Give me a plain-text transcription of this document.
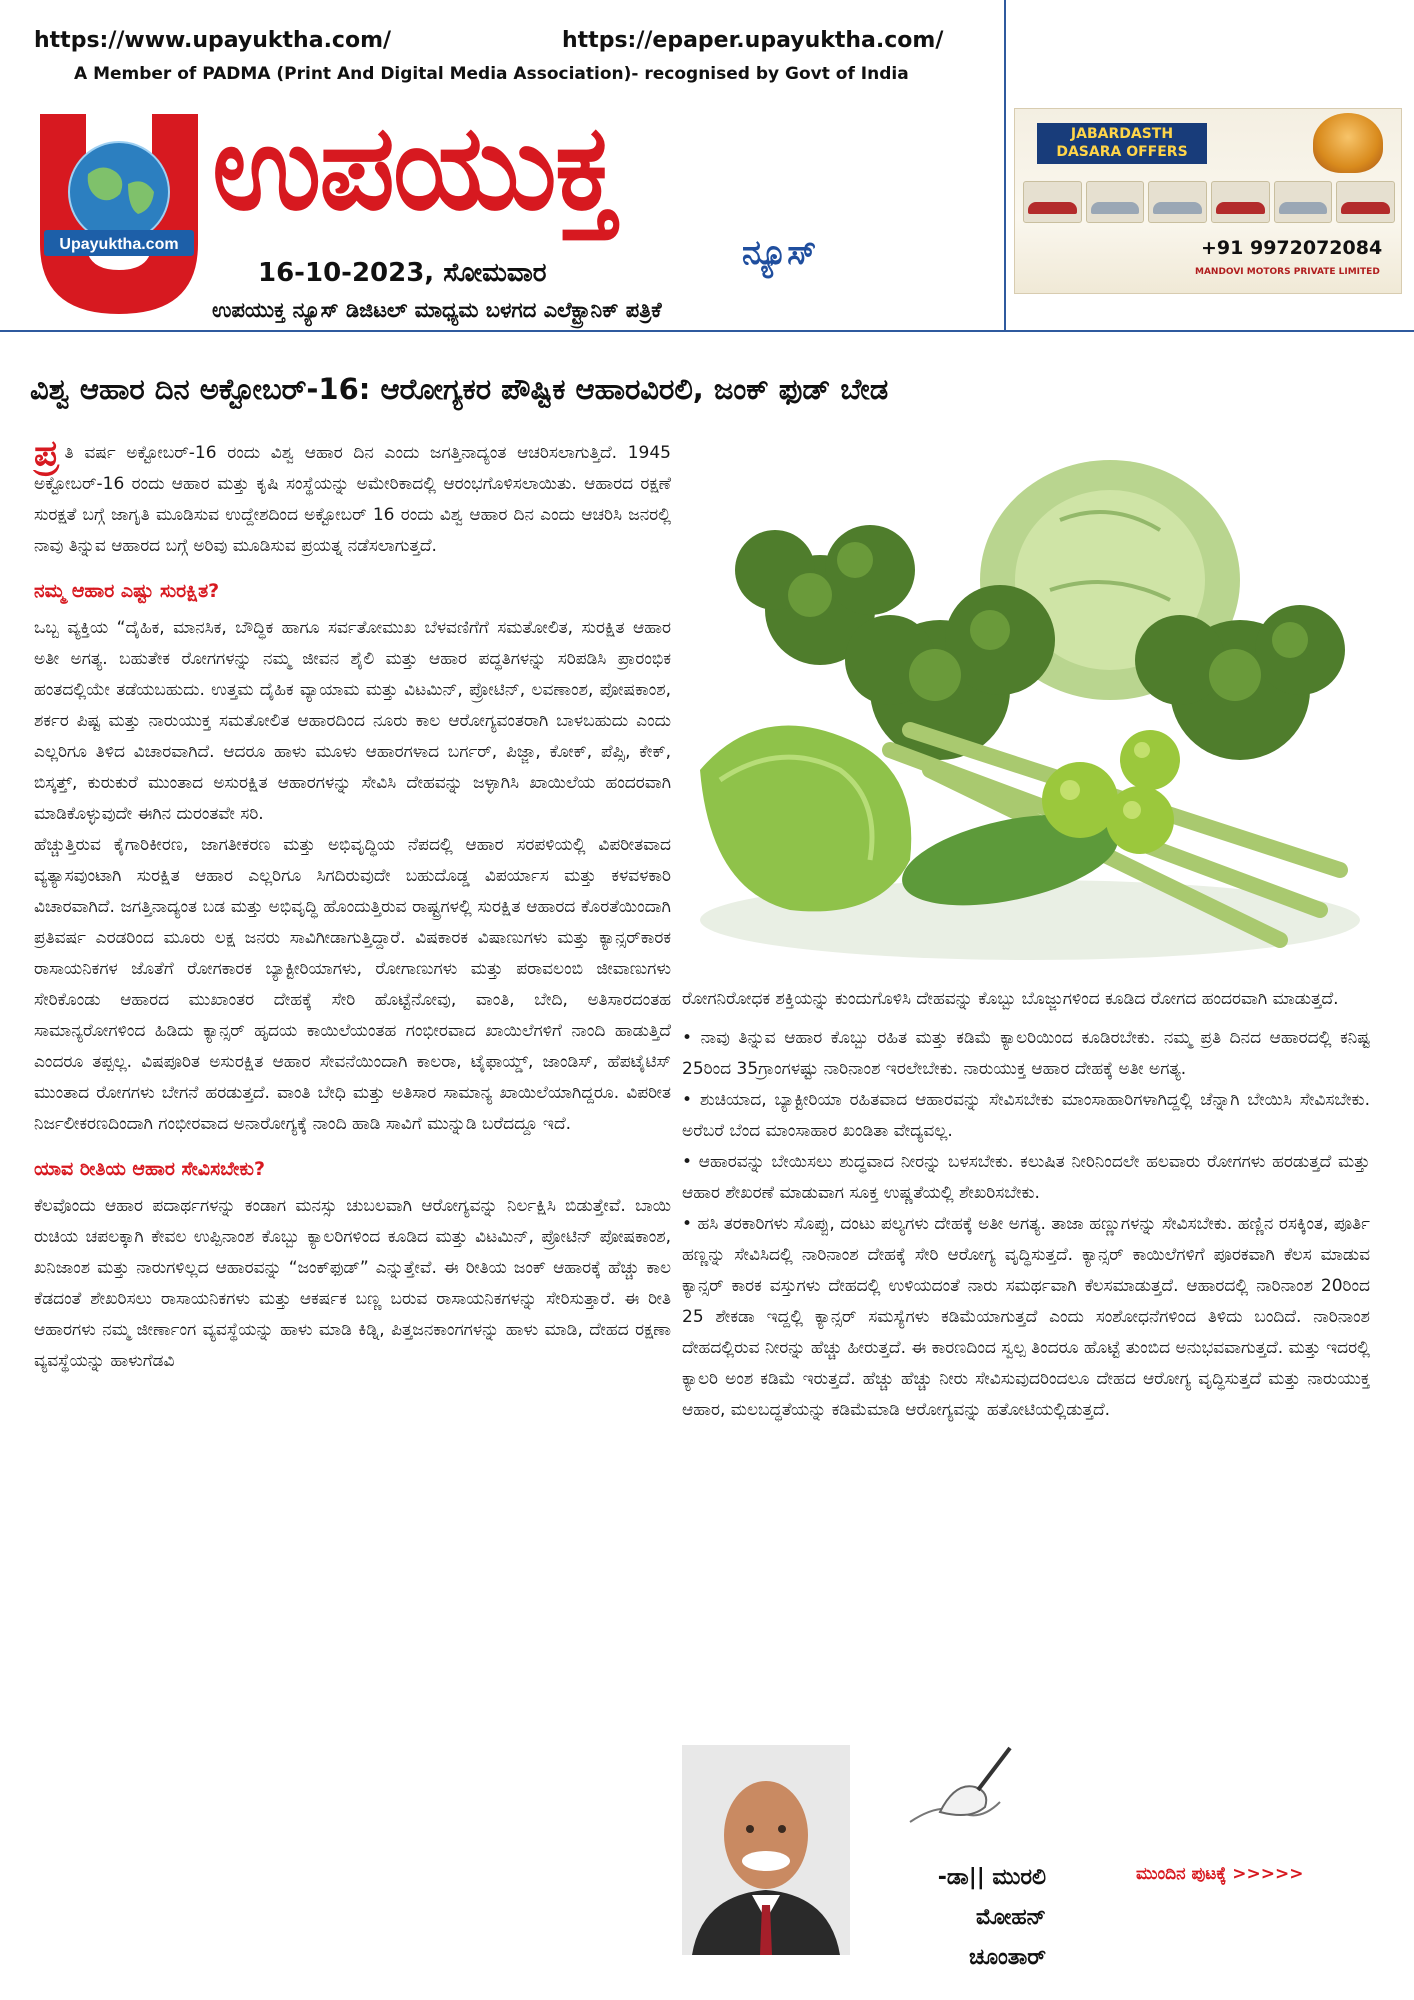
https://www.upayuktha.com/	https://epaper.upayuktha.com/
A Member of PADMA (Print And Digital Media Association)- recognised by Govt of India
Upayuktha.com
ಉಪಯುಕ್ತ
ನ್ಯೂಸ್
16-10-2023, ಸೋಮವಾರ
ಉಪಯುಕ್ತ ನ್ಯೂಸ್ ಡಿಜಿಟಲ್ ಮಾಧ್ಯಮ ಬಳಗದ ಎಲೆಕ್ಟ್ರಾನಿಕ್ ಪತ್ರಿಕೆ
JABARDASTH DASARA OFFERS
+91 9972072084
MANDOVI MOTORS PRIVATE LIMITED
ವಿಶ್ವ ಆಹಾರ ದಿನ ಅಕ್ಟೋಬರ್-16: ಆರೋಗ್ಯಕರ ಪೌಷ್ಟಿಕ ಆಹಾರವಿರಲಿ, ಜಂಕ್ ಫುಡ್ ಬೇಡ

ಪ್ರ ತಿ ವರ್ಷ ಅಕ್ಟೋಬರ್-16 ರಂದು ವಿಶ್ವ ಆಹಾರ ದಿನ ಎಂದು ಜಗತ್ತಿನಾದ್ಯಂತ ಆಚರಿಸಲಾಗುತ್ತಿದೆ. 1945 ಅಕ್ಟೋಬರ್-16 ರಂದು ಆಹಾರ ಮತ್ತು ಕೃಷಿ ಸಂಸ್ಥೆಯನ್ನು ಅಮೇರಿಕಾದಲ್ಲಿ ಆರಂಭಗೊಳಿಸಲಾಯಿತು. ಆಹಾರದ ರಕ್ಷಣೆ ಸುರಕ್ಷತೆ ಬಗ್ಗೆ ಜಾಗೃತಿ ಮೂಡಿಸುವ ಉದ್ದೇಶದಿಂದ ಅಕ್ಟೋಬರ್ 16 ರಂದು ವಿಶ್ವ ಆಹಾರ ದಿನ ಎಂದು ಆಚರಿಸಿ ಜನರಲ್ಲಿ ನಾವು ತಿನ್ನುವ ಆಹಾರದ ಬಗ್ಗೆ ಅರಿವು ಮೂಡಿಸುವ ಪ್ರಯತ್ನ ನಡೆಸಲಾಗುತ್ತದೆ.

ನಮ್ಮ ಆಹಾರ ಎಷ್ಟು ಸುರಕ್ಷಿತ?

ಒಬ್ಬ ವ್ಯಕ್ತಿಯ “ದೈಹಿಕ, ಮಾನಸಿಕ, ಬೌದ್ಧಿಕ ಹಾಗೂ ಸರ್ವತೋಮುಖ ಬೆಳವಣಿಗೆಗೆ ಸಮತೋಲಿತ, ಸುರಕ್ಷಿತ ಆಹಾರ ಅತೀ ಅಗತ್ಯ. ಬಹುತೇಕ ರೋಗಗಳನ್ನು ನಮ್ಮ ಜೀವನ ಶೈಲಿ ಮತ್ತು ಆಹಾರ ಪದ್ಧತಿಗಳನ್ನು ಸರಿಪಡಿಸಿ ಪ್ರಾರಂಭಿಕ ಹಂತದಲ್ಲಿಯೇ ತಡೆಯಬಹುದು. ಉತ್ತಮ ದೈಹಿಕ ವ್ಯಾಯಾಮ ಮತ್ತು ವಿಟಮಿನ್, ಪ್ರೋಟಿನ್, ಲವಣಾಂಶ, ಪೋಷಕಾಂಶ, ಶರ್ಕರ ಪಿಷ್ಟ ಮತ್ತು ನಾರುಯುಕ್ತ ಸಮತೋಲಿತ ಆಹಾರದಿಂದ ನೂರು ಕಾಲ ಆರೋಗ್ಯವಂತರಾಗಿ ಬಾಳಬಹುದು ಎಂದು ಎಲ್ಲರಿಗೂ ತಿಳಿದ ವಿಚಾರವಾಗಿದೆ. ಆದರೂ ಹಾಳು ಮೂಳು ಆಹಾರಗಳಾದ ಬರ್ಗರ್, ಪಿಜ್ಜಾ, ಕೋಕ್, ಪೆಪ್ಸಿ, ಕೇಕ್, ಬಿಸ್ಕತ್ತ್, ಕುರುಕುರೆ ಮುಂತಾದ ಅಸುರಕ್ಷಿತ ಆಹಾರಗಳನ್ನು ಸೇವಿಸಿ ದೇಹವನ್ನು ಜಳ್ಳಾಗಿಸಿ ಖಾಯಿಲೆಯ ಹಂದರವಾಗಿ ಮಾಡಿಕೊಳ್ಳುವುದೇ ಈಗಿನ ದುರಂತವೇ ಸರಿ.

ಹೆಚ್ಚುತ್ತಿರುವ ಕೈಗಾರಿಕೀರಣ, ಜಾಗತೀಕರಣ ಮತ್ತು ಅಭಿವೃದ್ಧಿಯ ನೆಪದಲ್ಲಿ ಆಹಾರ ಸರಪಳಿಯಲ್ಲಿ ವಿಪರೀತವಾದ ವ್ಯತ್ಯಾಸವುಂಟಾಗಿ ಸುರಕ್ಷಿತ ಆಹಾರ ಎಲ್ಲರಿಗೂ ಸಿಗದಿರುವುದೇ ಬಹುದೊಡ್ಡ ವಿಪರ್ಯಾಸ ಮತ್ತು ಕಳವಳಕಾರಿ ವಿಚಾರವಾಗಿದೆ. ಜಗತ್ತಿನಾದ್ಯಂತ ಬಡ ಮತ್ತು ಅಭಿವೃದ್ಧಿ ಹೊಂದುತ್ತಿರುವ ರಾಷ್ಟ್ರಗಳಲ್ಲಿ ಸುರಕ್ಷಿತ ಆಹಾರದ ಕೊರತೆಯಿಂದಾಗಿ ಪ್ರತಿವರ್ಷ ಎರಡರಿಂದ ಮೂರು ಲಕ್ಷ ಜನರು ಸಾವಿಗೀಡಾಗುತ್ತಿದ್ದಾರೆ. ವಿಷಕಾರಕ ವಿಷಾಣುಗಳು ಮತ್ತು ಕ್ಯಾನ್ಸರ್‌ಕಾರಕ ರಾಸಾಯನಿಕಗಳ ಜೊತೆಗೆ ರೋಗಕಾರಕ ಬ್ಯಾಕ್ಟೀರಿಯಾಗಳು, ರೋಗಾಣುಗಳು ಮತ್ತು ಪರಾವಲಂಬಿ ಜೀವಾಣುಗಳು ಸೇರಿಕೊಂಡು ಆಹಾರದ ಮುಖಾಂತರ ದೇಹಕ್ಕೆ ಸೇರಿ ಹೊಟ್ಟೆನೋವು, ವಾಂತಿ, ಬೇದಿ, ಅತಿಸಾರದಂತಹ ಸಾಮಾನ್ಯರೋಗಳಿಂದ ಹಿಡಿದು ಕ್ಯಾನ್ಸರ್ ಹೃದಯ ಕಾಯಿಲೆಯಂತಹ ಗಂಭೀರವಾದ ಖಾಯಿಲೆಗಳಿಗೆ ನಾಂದಿ ಹಾಡುತ್ತಿದೆ ಎಂದರೂ ತಪ್ಪಲ್ಲ. ವಿಷಪೂರಿತ ಅಸುರಕ್ಷಿತ ಆಹಾರ ಸೇವನೆಯಿಂದಾಗಿ ಕಾಲರಾ, ಟೈಫಾಯ್ಡ್, ಜಾಂಡಿಸ್, ಹೆಪಟೈಟಿಸ್ ಮುಂತಾದ ರೋಗಗಳು ಬೇಗನೆ ಹರಡುತ್ತದೆ. ವಾಂತಿ ಬೇಧಿ ಮತ್ತು ಅತಿಸಾರ ಸಾಮಾನ್ಯ ಖಾಯಿಲೆಯಾಗಿದ್ದರೂ. ವಿಪರೀತ ನಿರ್ಜಲೀಕರಣದಿಂದಾಗಿ ಗಂಭೀರವಾದ ಅನಾರೋಗ್ಯಕ್ಕೆ ನಾಂದಿ ಹಾಡಿ ಸಾವಿಗೆ ಮುನ್ನುಡಿ ಬರೆದದ್ದೂ ಇದೆ.

ಯಾವ ರೀತಿಯ ಆಹಾರ ಸೇವಿಸಬೇಕು?

ಕೆಲವೊಂದು ಆಹಾರ ಪದಾರ್ಥಗಳನ್ನು ಕಂಡಾಗ ಮನಸ್ಸು ಚುಬಲವಾಗಿ ಆರೋಗ್ಯವನ್ನು ನಿರ್ಲಕ್ಷಿಸಿ ಬಿಡುತ್ತೇವೆ. ಬಾಯಿ ರುಚಿಯ ಚಪಲಕ್ಕಾಗಿ ಕೇವಲ ಉಪ್ಪಿನಾಂಶ ಕೊಬ್ಬು ಕ್ಯಾಲರಿಗಳಿಂದ ಕೂಡಿದ ಮತ್ತು ವಿಟಮಿನ್, ಪ್ರೋಟಿನ್ ಪೋಷಕಾಂಶ, ಖನಿಜಾಂಶ ಮತ್ತು ನಾರುಗಳಿಲ್ಲದ ಆಹಾರವನ್ನು “ಜಂಕ್‌ಫುಡ್” ಎನ್ನುತ್ತೇವೆ. ಈ ರೀತಿಯ ಜಂಕ್ ಆಹಾರಕ್ಕೆ ಹೆಚ್ಚು ಕಾಲ ಕೆಡದಂತೆ ಶೇಖರಿಸಲು ರಾಸಾಯನಿಕಗಳು ಮತ್ತು ಆಕರ್ಷಕ ಬಣ್ಣ ಬರುವ ರಾಸಾಯನಿಕಗಳನ್ನು ಸೇರಿಸುತ್ತಾರೆ. ಈ ರೀತಿ ಆಹಾರಗಳು ನಮ್ಮ ಜೀರ್ಣಾಂಗ ವ್ಯವಸ್ಥೆಯನ್ನು ಹಾಳು ಮಾಡಿ ಕಿಡ್ನಿ, ಪಿತ್ತಜನಕಾಂಗಗಳನ್ನು ಹಾಳು ಮಾಡಿ, ದೇಹದ ರಕ್ಷಣಾ ವ್ಯವಸ್ಥೆಯನ್ನು ಹಾಳುಗೆಡವಿ

ರೋಗನಿರೋಧಕ ಶಕ್ತಿಯನ್ನು ಕುಂದುಗೊಳಿಸಿ ದೇಹವನ್ನು ಕೊಬ್ಬು ಬೊಜ್ಜುಗಳಿಂದ ಕೂಡಿದ ರೋಗದ ಹಂದರವಾಗಿ ಮಾಡುತ್ತದೆ.

• ನಾವು ತಿನ್ನುವ ಆಹಾರ ಕೊಬ್ಬು ರಹಿತ ಮತ್ತು ಕಡಿಮೆ ಕ್ಯಾಲರಿಯಿಂದ ಕೂಡಿರಬೇಕು. ನಮ್ಮ ಪ್ರತಿ ದಿನದ ಆಹಾರದಲ್ಲಿ ಕನಿಷ್ಟ 25ರಿಂದ 35ಗ್ರಾಂಗಳಷ್ಟು ನಾರಿನಾಂಶ ಇರಲೇಬೇಕು. ನಾರುಯುಕ್ತ ಆಹಾರ ದೇಹಕ್ಕೆ ಅತೀ ಅಗತ್ಯ.

• ಶುಚಿಯಾದ, ಬ್ಯಾಕ್ಟೀರಿಯಾ ರಹಿತವಾದ ಆಹಾರವನ್ನು ಸೇವಿಸಬೇಕು ಮಾಂಸಾಹಾರಿಗಳಾಗಿದ್ದಲ್ಲಿ ಚೆನ್ನಾಗಿ ಬೇಯಿಸಿ ಸೇವಿಸಬೇಕು. ಅರೆಬರೆ ಬೆಂದ ಮಾಂಸಾಹಾರ ಖಂಡಿತಾ ವೇದ್ಯವಲ್ಲ.

• ಆಹಾರವನ್ನು ಬೇಯಿಸಲು ಶುದ್ಧವಾದ ನೀರನ್ನು ಬಳಸಬೇಕು. ಕಲುಷಿತ ನೀರಿನಿಂದಲೇ ಹಲವಾರು ರೋಗಗಳು ಹರಡುತ್ತದೆ ಮತ್ತು ಆಹಾರ ಶೇಖರಣೆ ಮಾಡುವಾಗ ಸೂಕ್ತ ಉಷ್ಣತೆಯಲ್ಲಿ ಶೇಖರಿಸಬೇಕು.

• ಹಸಿ ತರಕಾರಿಗಳು ಸೊಪ್ಪು, ದಂಟು ಪಲ್ಯಗಳು ದೇಹಕ್ಕೆ ಅತೀ ಅಗತ್ಯ. ತಾಜಾ ಹಣ್ಣುಗಳನ್ನು ಸೇವಿಸಬೇಕು. ಹಣ್ಣಿನ ರಸಕ್ಕಿಂತ, ಪೂರ್ತಿ ಹಣ್ಣನ್ನು ಸೇವಿಸಿದಲ್ಲಿ ನಾರಿನಾಂಶ ದೇಹಕ್ಕೆ ಸೇರಿ ಆರೋಗ್ಯ ವೃದ್ಧಿಸುತ್ತದೆ. ಕ್ಯಾನ್ಸರ್ ಕಾಯಿಲೆಗಳಿಗೆ ಪೂರಕವಾಗಿ ಕೆಲಸ ಮಾಡುವ ಕ್ಯಾನ್ಸರ್ ಕಾರಕ ವಸ್ತುಗಳು ದೇಹದಲ್ಲಿ ಉಳಿಯದಂತೆ ನಾರು ಸಮರ್ಥವಾಗಿ ಕೆಲಸಮಾಡುತ್ತದೆ. ಆಹಾರದಲ್ಲಿ ನಾರಿನಾಂಶ 20ರಿಂದ 25 ಶೇಕಡಾ ಇದ್ದಲ್ಲಿ ಕ್ಯಾನ್ಸರ್ ಸಮಸ್ಯೆಗಳು ಕಡಿಮೆಯಾಗುತ್ತದೆ ಎಂದು ಸಂಶೋಧನೆಗಳಿಂದ ತಿಳಿದು ಬಂದಿದೆ. ನಾರಿನಾಂಶ ದೇಹದಲ್ಲಿರುವ ನೀರನ್ನು ಹೆಚ್ಚು ಹೀರುತ್ತದೆ. ಈ ಕಾರಣದಿಂದ ಸ್ವಲ್ಪ ತಿಂದರೂ ಹೊಟ್ಟೆ ತುಂಬಿದ ಅನುಭವವಾಗುತ್ತದೆ. ಮತ್ತು ಇದರಲ್ಲಿ ಕ್ಯಾಲರಿ ಅಂಶ ಕಡಿಮೆ ಇರುತ್ತದೆ. ಹೆಚ್ಚು ಹೆಚ್ಚು ನೀರು ಸೇವಿಸುವುದರಿಂದಲೂ ದೇಹದ ಆರೋಗ್ಯ ವೃದ್ಧಿಸುತ್ತದೆ ಮತ್ತು ನಾರುಯುಕ್ತ ಆಹಾರ, ಮಲಬದ್ಧತೆಯನ್ನು ಕಡಿಮೆಮಾಡಿ ಆರೋಗ್ಯವನ್ನು ಹತೋಟಿಯಲ್ಲಿಡುತ್ತದೆ.

-ಡಾ|| ಮುರಲಿ
ಮೋಹನ್
ಚೂಂತಾರ್
ಮುಂದಿನ ಪುಟಕ್ಕೆ >>>>>
